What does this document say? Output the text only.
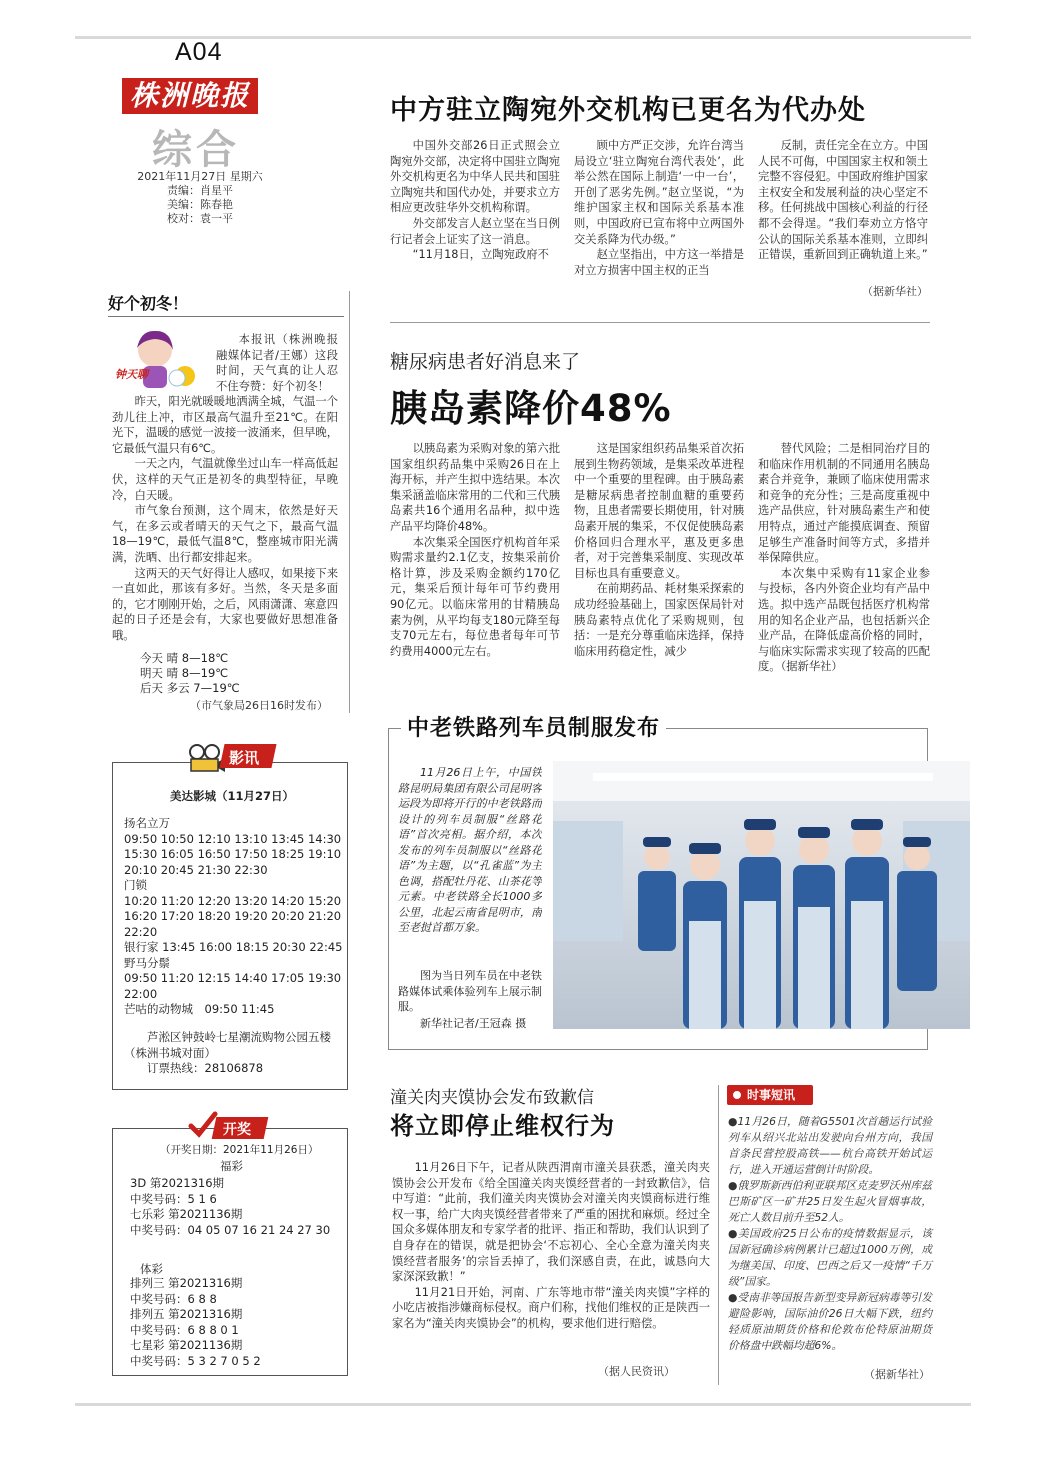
A04
株洲晚报
综合
2021年11月27日 星期六
责编：肖星平
美编：陈春艳
校对：袁一平
中方驻立陶宛外交机构已更名为代办处

中国外交部26日正式照会立陶宛外交部，决定将中国驻立陶宛外交机构更名为中华人民共和国驻立陶宛共和国代办处，并要求立方相应更改驻华外交机构称谓。

外交部发言人赵立坚在当日例行记者会上证实了这一消息。

“11月18日，立陶宛政府不

顾中方严正交涉，允许台湾当局设立‘驻立陶宛台湾代表处’，此举公然在国际上制造‘一中一台’，开创了恶劣先例。”赵立坚说，“为维护国家主权和国际关系基本准则，中国政府已宣布将中立两国外交关系降为代办级。”

赵立坚指出，中方这一举措是对立方损害中国主权的正当

反制，责任完全在立方。中国人民不可侮，中国国家主权和领土完整不容侵犯。中国政府维护国家主权安全和发展利益的决心坚定不移。任何挑战中国核心利益的行径都不会得逞。“我们奉劝立方恪守公认的国际关系基本准则，立即纠正错误，重新回到正确轨道上来。”

（据新华社）
好个初冬！
钟天聊
本报讯（株洲晚报融媒体记者/王娜）这段时间，天气真的让人忍不住夸赞：好个初冬！

昨天，阳光就暖暖地洒满全城，气温一个劲儿往上冲，市区最高气温升至21℃。在阳光下，温暖的感觉一波接一波涌来，但早晚，它最低气温只有6℃。

一天之内，气温就像坐过山车一样高低起伏，这样的天气正是初冬的典型特征，早晚冷，白天暖。

市气象台预测，这个周末，依然是好天气，在多云或者晴天的天气之下，最高气温18—19℃，最低气温8℃，整座城市阳光满满，洗晒、出行都安排起来。

这两天的天气好得让人感叹，如果接下来一直如此，那该有多好。当然，冬天是多面的，它才刚刚开始，之后，风雨潇潇、寒意四起的日子还是会有，大家也要做好思想准备哦。

今天 晴 8—18℃
明天 晴 8—19℃
后天 多云 7—19℃
（市气象局26日16时发布）
糖尿病患者好消息来了
胰岛素降价48%

以胰岛素为采购对象的第六批国家组织药品集中采购26日在上海开标，并产生拟中选结果。本次集采涵盖临床常用的二代和三代胰岛素共16个通用名品种，拟中选产品平均降价48%。

本次集采全国医疗机构首年采购需求量约2.1亿支，按集采前价格计算，涉及采购金额约170亿元，集采后预计每年可节约费用90亿元。以临床常用的甘精胰岛素为例，从平均每支180元降至每支70元左右，每位患者每年可节约费用4000元左右。

这是国家组织药品集采首次拓展到生物药领域，是集采改革进程中一个重要的里程碑。由于胰岛素是糖尿病患者控制血糖的重要药物，且患者需要长期使用，针对胰岛素开展的集采，不仅促使胰岛素价格回归合理水平，惠及更多患者，对于完善集采制度、实现改革目标也具有重要意义。

在前期药品、耗材集采探索的成功经验基础上，国家医保局针对胰岛素特点优化了采购规则，包括：一是充分尊重临床选择，保持临床用药稳定性，减少

替代风险；二是相同治疗目的和临床作用机制的不同通用名胰岛素合并竞争，兼顾了临床使用需求和竞争的充分性；三是高度重视中选产品供应，针对胰岛素生产和使用特点，通过产能摸底调查、预留足够生产准备时间等方式，多措并举保障供应。

本次集中采购有11家企业参与投标，各内外资企业均有产品中选。拟中选产品既包括医疗机构常用的知名企业产品，也包括新兴企业产品，在降低虚高价格的同时，与临床实际需求实现了较高的匹配度。（据新华社）

影讯
美达影城（11月27日）
扬名立万
09:50 10:50 12:10 13:10 13:45 14:30
15:30 16:05 16:50 17:50 18:25 19:10
20:10 20:45 21:30 22:30
门锁
10:20 11:20 12:20 13:20 14:20 15:20
16:20 17:20 18:20 19:20 20:20 21:20
22:20
银行家 13:45 16:00 18:15 20:30 22:45
野马分鬃
09:50 11:20 12:15 14:40 17:05 19:30
22:00
芒咕的动物城　09:50 11:45
芦淞区钟鼓岭七星潮流购物公园五楼
（株洲书城对面）
订票热线：28106878
开奖
（开奖日期：2021年11月26日）
福彩
3D 第2021316期
中奖号码：5 1 6
七乐彩 第2021136期
中奖号码：04 05 07 16 21 24 27 30
体彩
排列三 第2021316期
中奖号码：6 8 8
排列五 第2021316期
中奖号码：6 8 8 0 1
七星彩 第2021136期
中奖号码：5 3 2 7 0 5 2
中老铁路列车员制服发布
11月26日上午，中国铁路昆明局集团有限公司昆明客运段为即将开行的中老铁路而设计的列车员制服“丝路花语”首次亮相。据介绍，本次发布的列车员制服以“丝路花语”为主题，以“孔雀蓝”为主色调，搭配牡丹花、山茶花等元素。中老铁路全长1000多公里，北起云南省昆明市，南至老挝首都万象。
图为当日列车员在中老铁路媒体试乘体验列车上展示制服。
新华社记者/王冠森 摄
潼关肉夹馍协会发布致歉信
将立即停止维权行为

11月26日下午，记者从陕西渭南市潼关县获悉，潼关肉夹馍协会公开发布《给全国潼关肉夹馍经营者的一封致歉信》，信中写道：“此前，我们潼关肉夹馍协会对潼关肉夹馍商标进行维权一事，给广大肉夹馍经营者带来了严重的困扰和麻烦。经过全国众多媒体朋友和专家学者的批评、指正和帮助，我们认识到了自身存在的错误，就是把协会‘不忘初心、全心全意为潼关肉夹馍经营者服务’的宗旨丢掉了，我们深感自责，在此，诚恳向大家深深致歉！”

11月21日开始，河南、广东等地市带“潼关肉夹馍”字样的小吃店被指涉嫌商标侵权。商户们称，找他们维权的正是陕西一家名为“潼关肉夹馍协会”的机构，要求他们进行赔偿。

（据人民资讯）
时事短讯

●11月26日，随着G5501次首趟运行试验列车从绍兴北站出发驶向台州方向，我国首条民营控股高铁——杭台高铁开始试运行，进入开通运营倒计时阶段。

●俄罗斯新西伯利亚联邦区克麦罗沃州库兹巴斯矿区一矿井25日发生起火冒烟事故，死亡人数目前升至52人。

●美国政府25日公布的疫情数据显示，该国新冠确诊病例累计已超过1000万例，成为继美国、印度、巴西之后又一疫情“千万级”国家。

●受南非等国报告新型变异新冠病毒等引发避险影响，国际油价26日大幅下跌，纽约轻质原油期货价格和伦敦布伦特原油期货价格盘中跌幅均超6%。

（据新华社）
